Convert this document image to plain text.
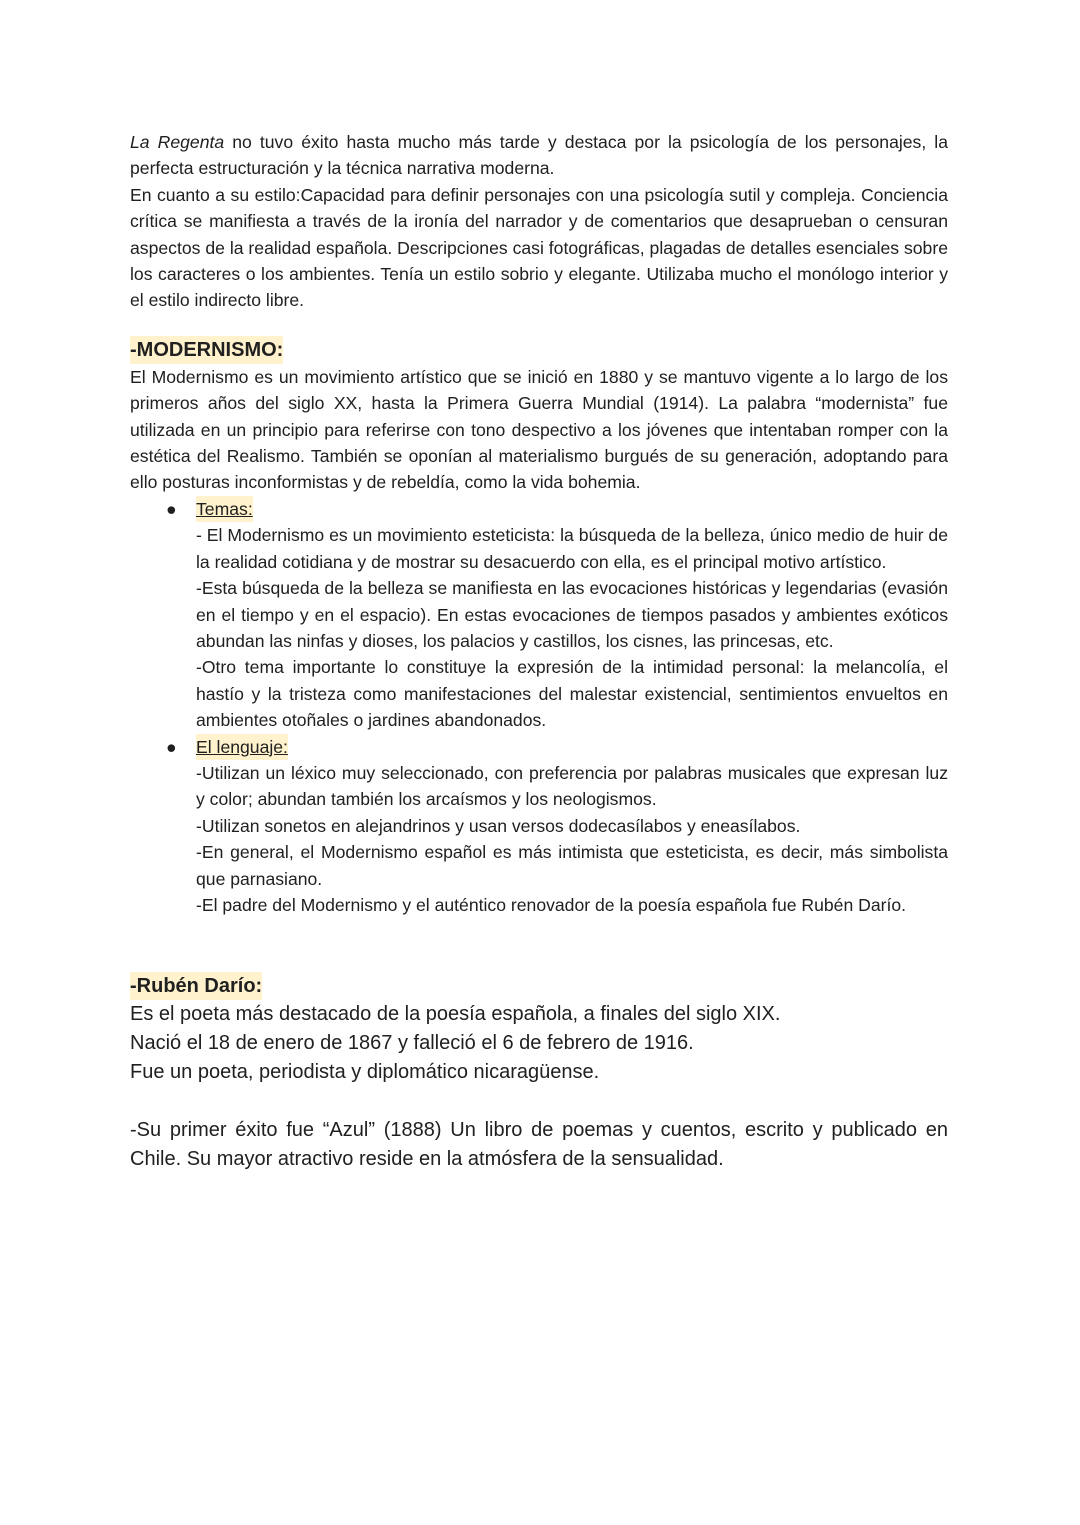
La Regenta no tuvo éxito hasta mucho más tarde y destaca por la psicología de los personajes, la perfecta estructuración y la técnica narrativa moderna.

En cuanto a su estilo:Capacidad para definir personajes con una psicología sutil y compleja. Conciencia crítica se manifiesta a través de la ironía del narrador y de comentarios que desaprueban o censuran aspectos de la realidad española. Descripciones casi fotográficas, plagadas de detalles esenciales sobre los caracteres o los ambientes. Tenía un estilo sobrio y elegante. Utilizaba mucho el monólogo interior y el estilo indirecto libre.

-MODERNISMO:

El Modernismo es un movimiento artístico que se inició en 1880 y se mantuvo vigente a lo largo de los primeros años del siglo XX, hasta la Primera Guerra Mundial (1914). La palabra “modernista” fue utilizada en un principio para referirse con tono despectivo a los jóvenes que intentaban romper con la estética del Realismo. También se oponían al materialismo burgués de su generación, adoptando para ello posturas inconformistas y de rebeldía, como la vida bohemia.

● Temas:

- El Modernismo es un movimiento esteticista: la búsqueda de la belleza, único medio de huir de la realidad cotidiana y de mostrar su desacuerdo con ella, es el principal motivo artístico.

-Esta búsqueda de la belleza se manifiesta en las evocaciones históricas y legendarias (evasión en el tiempo y en el espacio). En estas evocaciones de tiempos pasados y ambientes exóticos abundan las ninfas y dioses, los palacios y castillos, los cisnes, las princesas, etc.

-Otro tema importante lo constituye la expresión de la intimidad personal: la melancolía, el hastío y la tristeza como manifestaciones del malestar existencial, sentimientos envueltos en ambientes otoñales o jardines abandonados.

● El lenguaje:

-Utilizan un léxico muy seleccionado, con preferencia por palabras musicales que expresan luz y color; abundan también los arcaísmos y los neologismos.

-Utilizan sonetos en alejandrinos y usan versos dodecasílabos y eneasílabos.

-En general, el Modernismo español es más intimista que esteticista, es decir, más simbolista que parnasiano.

-El padre del Modernismo y el auténtico renovador de la poesía española fue Rubén Darío.

-Rubén Darío:

Es el poeta más destacado de la poesía española, a finales del siglo XIX.

Nació el 18 de enero de 1867 y falleció el 6 de febrero de 1916.

Fue un poeta, periodista y diplomático nicaragüense.

-Su primer éxito fue “Azul” (1888) Un libro de poemas y cuentos, escrito y publicado en Chile. Su mayor atractivo reside en la atmósfera de la sensualidad.
